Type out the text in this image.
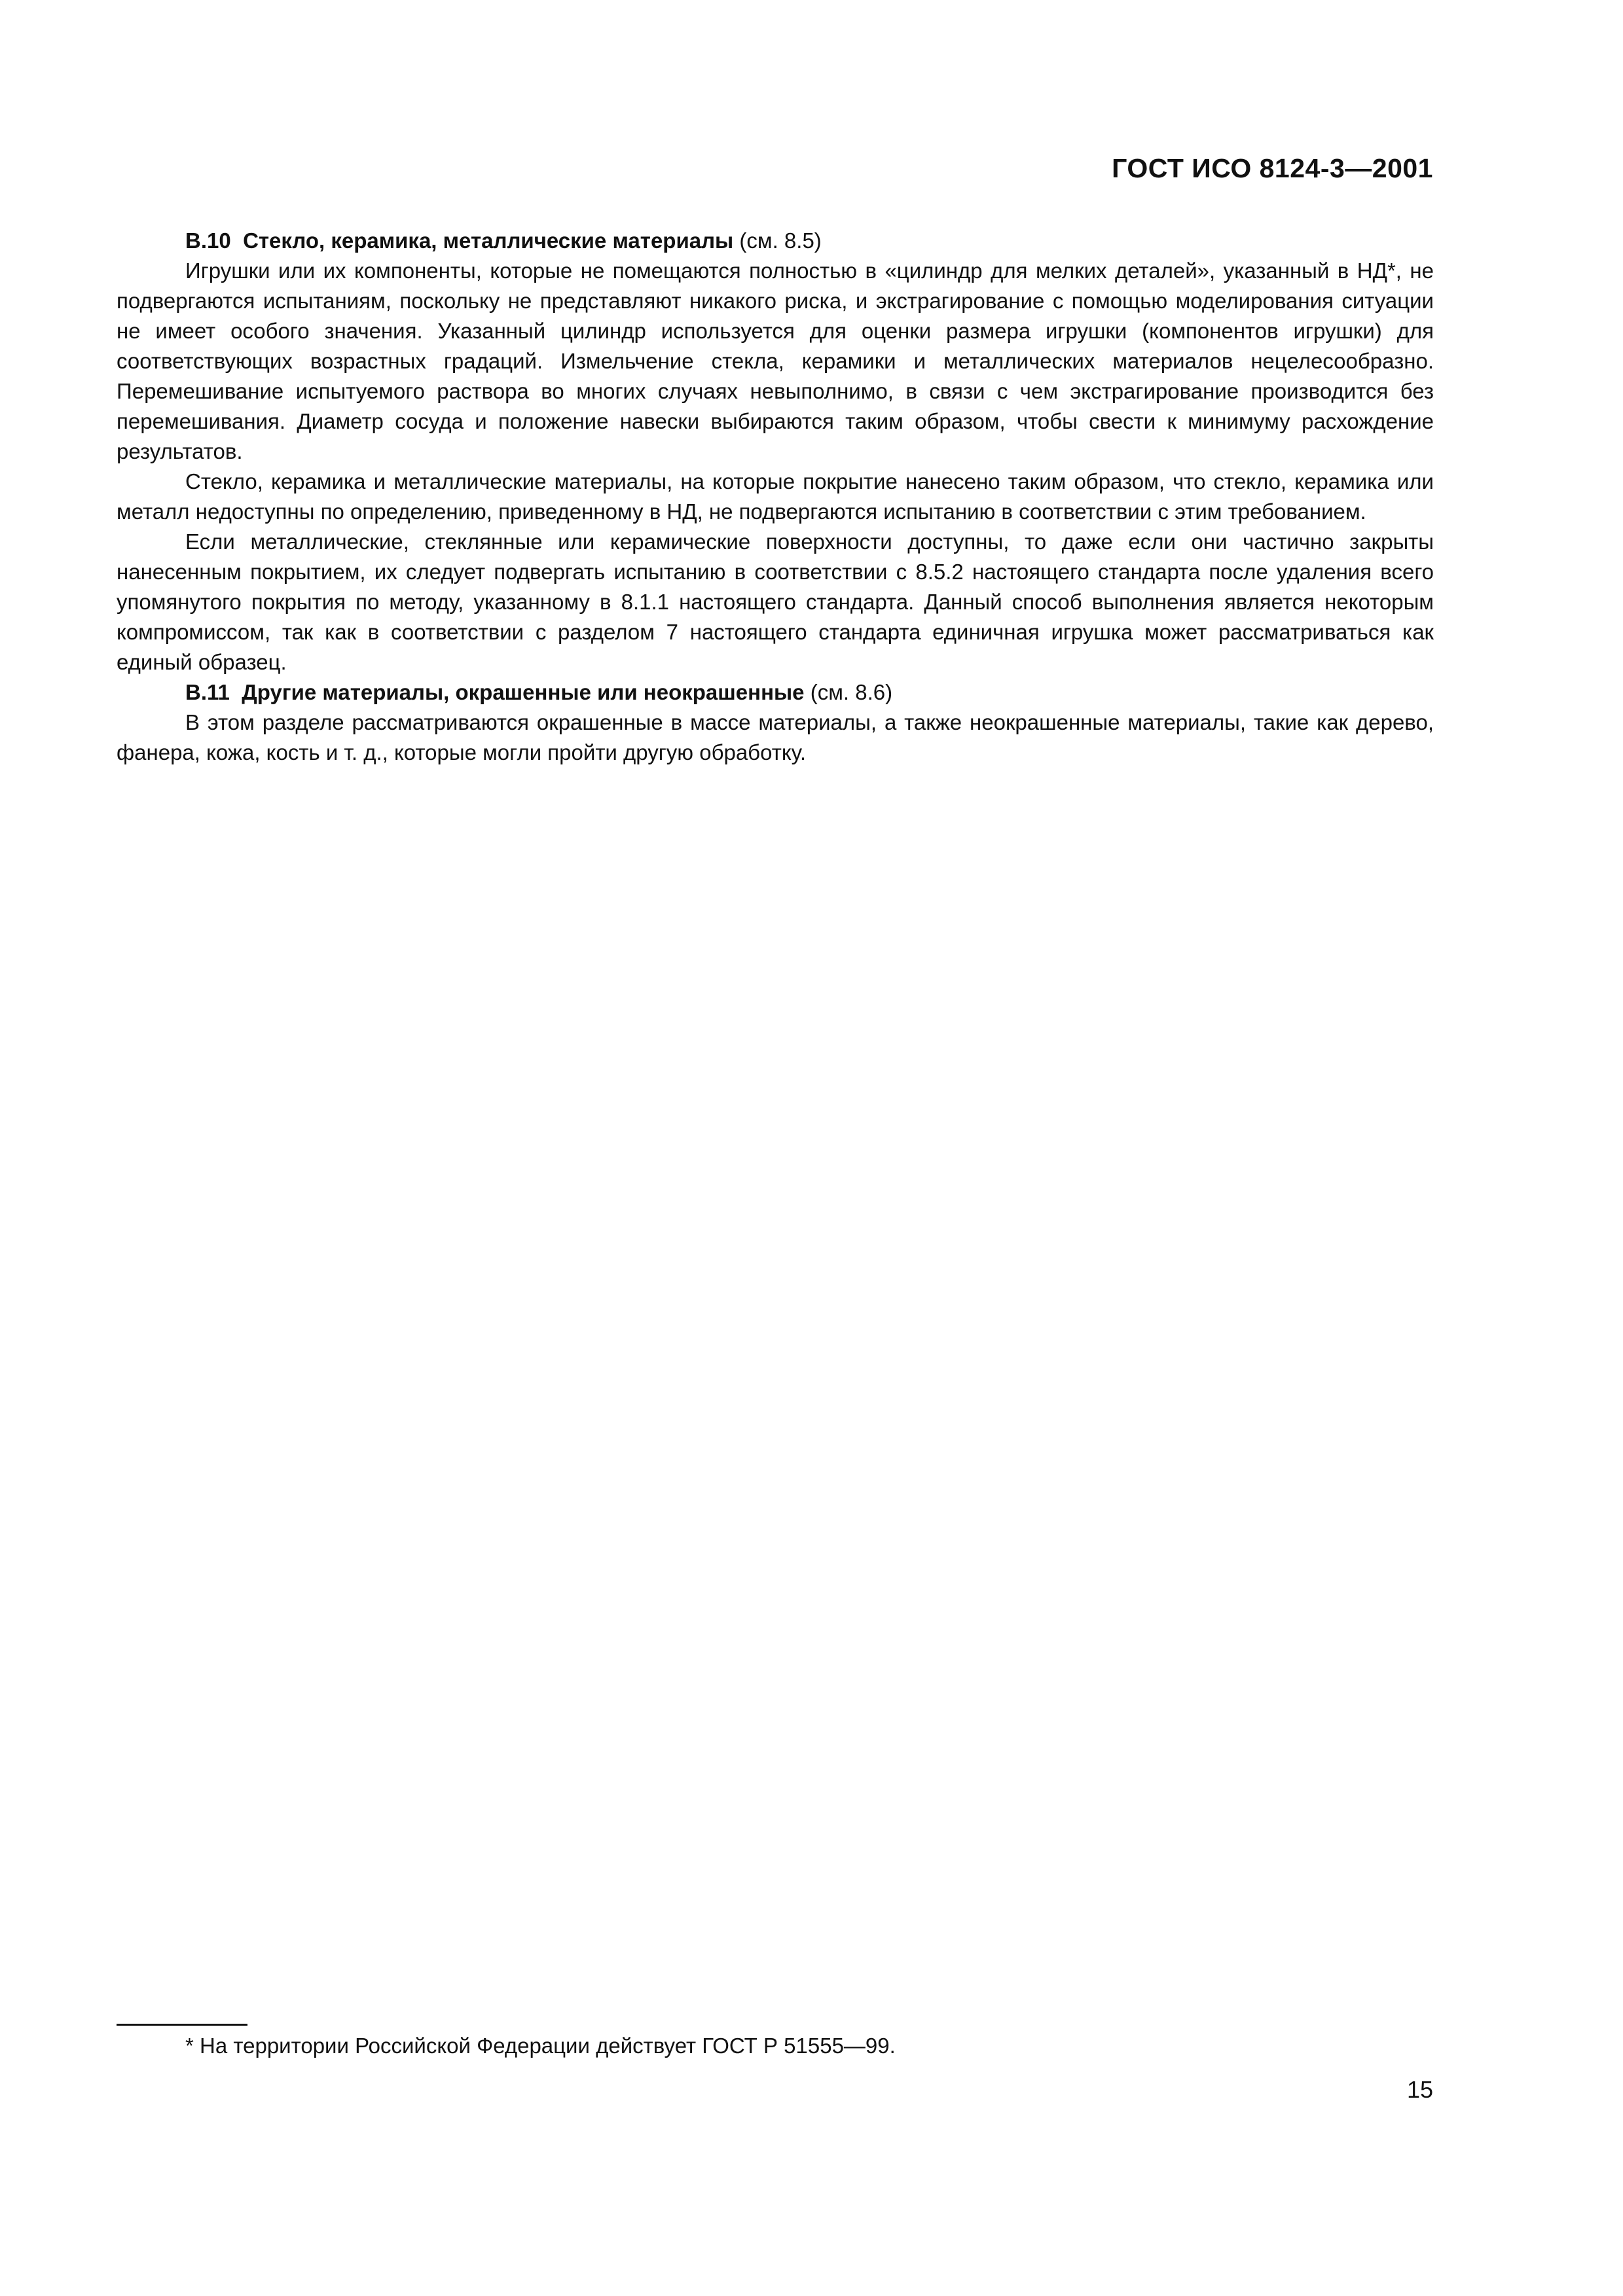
ГОСТ ИСО 8124-3—2001

В.10 Стекло, керамика, металлические материалы (см. 8.5)

Игрушки или их компоненты, которые не помещаются полностью в «цилиндр для мелких деталей», указанный в НД*, не подвергаются испытаниям, поскольку не представляют никакого риска, и экстрагирование с помощью моделирования ситуации не имеет особого значения. Указанный цилиндр используется для оценки размера игрушки (компонентов игрушки) для соответствующих возрастных градаций. Измельчение стекла, керамики и металлических материалов нецелесообразно. Перемешивание испытуемого раствора во многих случаях невыполнимо, в связи с чем экстрагирование производится без перемешивания. Диаметр сосуда и положение навески выбираются таким образом, чтобы свести к минимуму расхождение результатов.

Стекло, керамика и металлические материалы, на которые покрытие нанесено таким образом, что стекло, керамика или металл недоступны по определению, приведенному в НД, не подвергаются испытанию в соответствии с этим требованием.

Если металлические, стеклянные или керамические поверхности доступны, то даже если они частично закрыты нанесенным покрытием, их следует подвергать испытанию в соответствии с 8.5.2 настоящего стандарта после удаления всего упомянутого покрытия по методу, указанному в 8.1.1 настоящего стандарта. Данный способ выполнения является некоторым компромиссом, так как в соответствии с разделом 7 настоящего стандарта единичная игрушка может рассматриваться как единый образец.

В.11 Другие материалы, окрашенные или неокрашенные (см. 8.6)

В этом разделе рассматриваются окрашенные в массе материалы, а также неокрашенные материалы, такие как дерево, фанера, кожа, кость и т. д., которые могли пройти другую обработку.

* На территории Российской Федерации действует ГОСТ Р 51555—99.
15
